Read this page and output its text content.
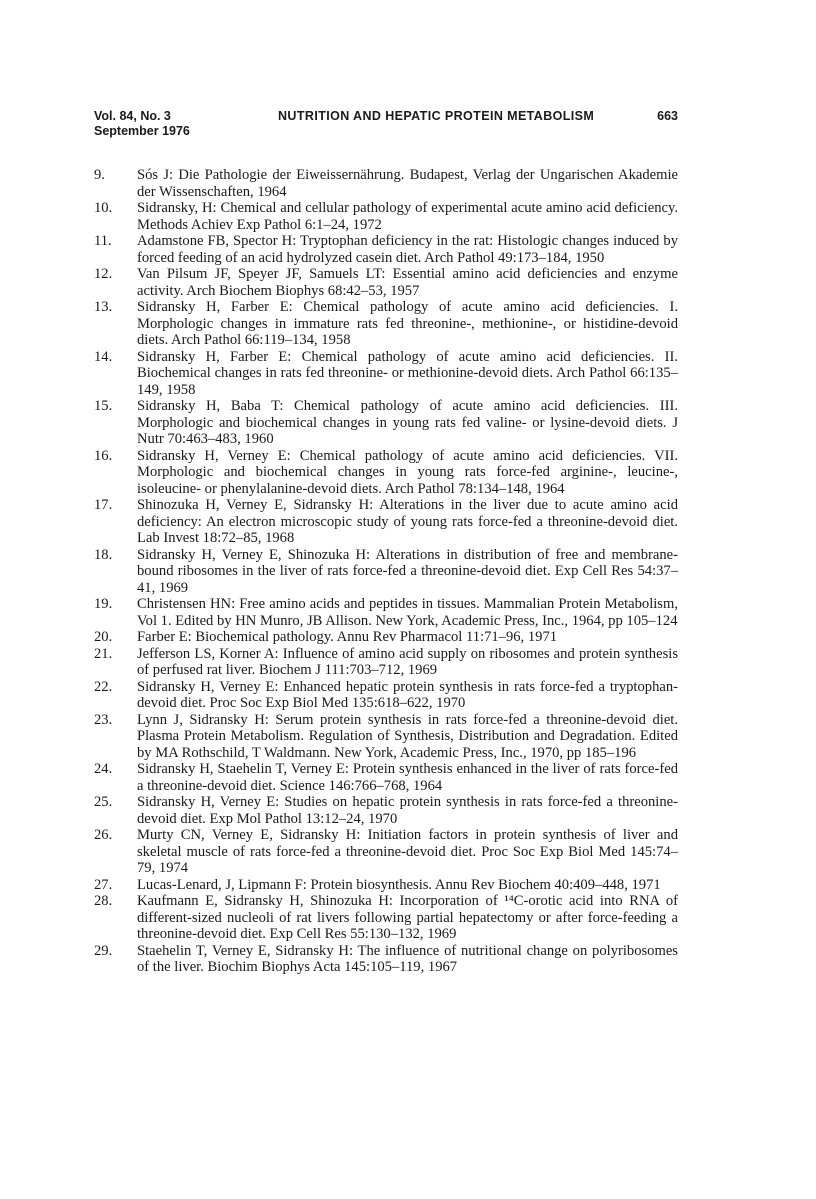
Vol. 84, No. 3
September 1976
NUTRITION AND HEPATIC PROTEIN METABOLISM	663
9.	Sós J: Die Pathologie der Eiweissernährung. Budapest, Verlag der Ungarischen Akademie der Wissenschaften, 1964
10.	Sidransky, H: Chemical and cellular pathology of experimental acute amino acid deficiency. Methods Achiev Exp Pathol 6:1–24, 1972
11.	Adamstone FB, Spector H: Tryptophan deficiency in the rat: Histologic changes induced by forced feeding of an acid hydrolyzed casein diet. Arch Pathol 49:173–184, 1950
12.	Van Pilsum JF, Speyer JF, Samuels LT: Essential amino acid deficiencies and enzyme activity. Arch Biochem Biophys 68:42–53, 1957
13.	Sidransky H, Farber E: Chemical pathology of acute amino acid deficiencies. I. Morphologic changes in immature rats fed threonine-, methionine-, or histidine-devoid diets. Arch Pathol 66:119–134, 1958
14.	Sidransky H, Farber E: Chemical pathology of acute amino acid deficiencies. II. Biochemical changes in rats fed threonine- or methionine-devoid diets. Arch Pathol 66:135–149, 1958
15.	Sidransky H, Baba T: Chemical pathology of acute amino acid deficiencies. III. Morphologic and biochemical changes in young rats fed valine- or lysine-devoid diets. J Nutr 70:463–483, 1960
16.	Sidransky H, Verney E: Chemical pathology of acute amino acid deficiencies. VII. Morphologic and biochemical changes in young rats force-fed arginine-, leucine-, isoleucine- or phenylalanine-devoid diets. Arch Pathol 78:134–148, 1964
17.	Shinozuka H, Verney E, Sidransky H: Alterations in the liver due to acute amino acid deficiency: An electron microscopic study of young rats force-fed a threonine-devoid diet. Lab Invest 18:72–85, 1968
18.	Sidransky H, Verney E, Shinozuka H: Alterations in distribution of free and membrane-bound ribosomes in the liver of rats force-fed a threonine-devoid diet. Exp Cell Res 54:37–41, 1969
19.	Christensen HN: Free amino acids and peptides in tissues. Mammalian Protein Metabolism, Vol 1. Edited by HN Munro, JB Allison. New York, Academic Press, Inc., 1964, pp 105–124
20.	Farber E: Biochemical pathology. Annu Rev Pharmacol 11:71–96, 1971
21.	Jefferson LS, Korner A: Influence of amino acid supply on ribosomes and protein synthesis of perfused rat liver. Biochem J 111:703–712, 1969
22.	Sidransky H, Verney E: Enhanced hepatic protein synthesis in rats force-fed a tryptophan-devoid diet. Proc Soc Exp Biol Med 135:618–622, 1970
23.	Lynn J, Sidransky H: Serum protein synthesis in rats force-fed a threonine-devoid diet. Plasma Protein Metabolism. Regulation of Synthesis, Distribution and Degradation. Edited by MA Rothschild, T Waldmann. New York, Academic Press, Inc., 1970, pp 185–196
24.	Sidransky H, Staehelin T, Verney E: Protein synthesis enhanced in the liver of rats force-fed a threonine-devoid diet. Science 146:766–768, 1964
25.	Sidransky H, Verney E: Studies on hepatic protein synthesis in rats force-fed a threonine-devoid diet. Exp Mol Pathol 13:12–24, 1970
26.	Murty CN, Verney E, Sidransky H: Initiation factors in protein synthesis of liver and skeletal muscle of rats force-fed a threonine-devoid diet. Proc Soc Exp Biol Med 145:74–79, 1974
27.	Lucas-Lenard, J, Lipmann F: Protein biosynthesis. Annu Rev Biochem 40:409–448, 1971
28.	Kaufmann E, Sidransky H, Shinozuka H: Incorporation of ¹⁴C-orotic acid into RNA of different-sized nucleoli of rat livers following partial hepatectomy or after force-feeding a threonine-devoid diet. Exp Cell Res 55:130–132, 1969
29.	Staehelin T, Verney E, Sidransky H: The influence of nutritional change on polyribosomes of the liver. Biochim Biophys Acta 145:105–119, 1967
